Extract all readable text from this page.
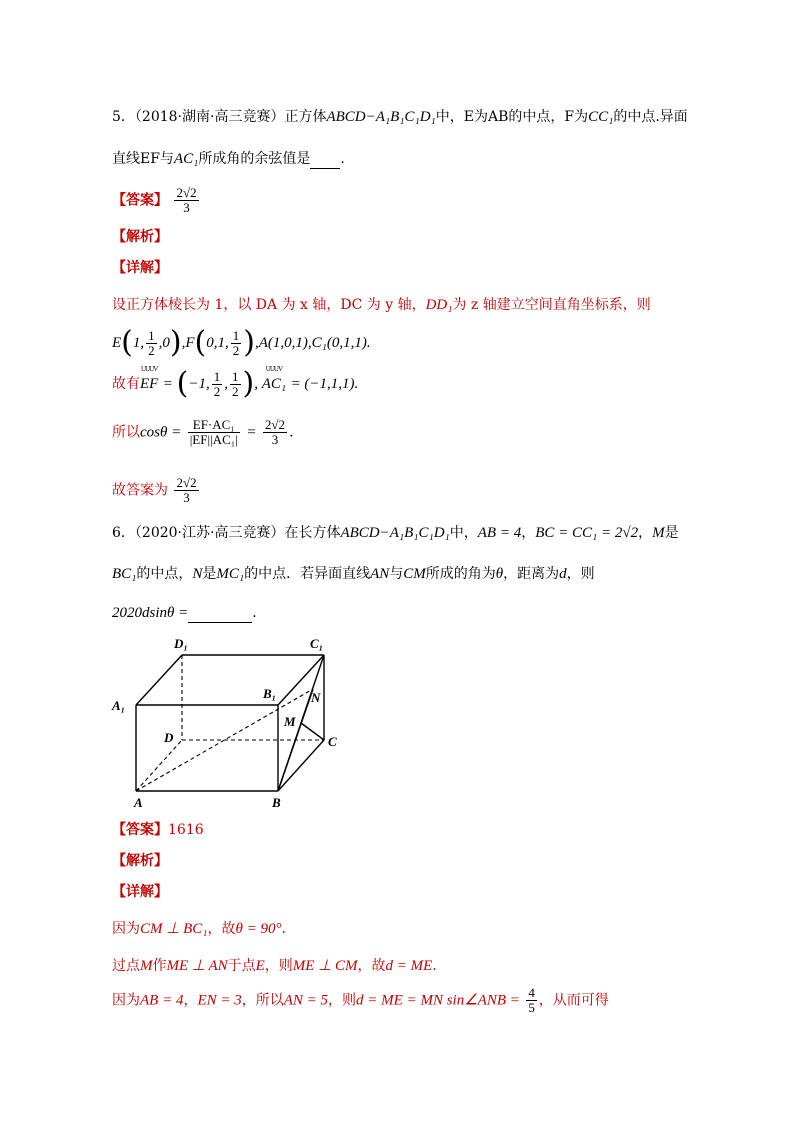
5．（2018·湖南·高三竞赛）正方体ABCD−A₁B₁C₁D₁中，E为AB的中点，F为CC₁的中点.异面
直线EF与AC₁所成角的余弦值是 .
【答案】 $\frac{2√2}{3}$
【解析】
【详解】
设正方体棱长为 1，以 DA 为 x 轴，DC 为 y 轴，DD₁为 z 轴建立空间直角坐标系，则
E(1, $\frac{1}{2} ,0),F(0,1$, $\frac{1}{2} ),A(1,0,1),C_1(0,1,1)$.
故有
UUUV
EF = (−1, $\frac{1}{2}$ , $\frac{1}{2}$ ),
UUUV
AC₁ = (−1,1,1).
所以$\cos\theta = \frac{\text{EF·AC₁}}{\text{|EF||AC₁|}} = \frac{2√2}{3}$ .
故答案为 $\frac{2√2}{3}$
6．（2020·江苏·高三竞赛）在长方体ABCD−A₁B₁C₁D₁中，AB = 4，BC = CC₁ = 2√2，M是
BC₁的中点，N是MC₁的中点．若异面直线AN与CM所成的角为θ，距离为d，则
2020dsinθ =	．
D₁	C₁
A₁
B₁	N
M
D	C
A	B
【答案】1616
【解析】
【详解】
因为CM ⊥ BC₁，故θ = 90°．
过点M作ME ⊥ AN于点E，则ME ⊥ CM，故d = ME．
因为AB = 4，EN = 3，所以AN = 5，则d = ME = MN sin∠ANB = $\frac{4}{5}$ ，从而可得
